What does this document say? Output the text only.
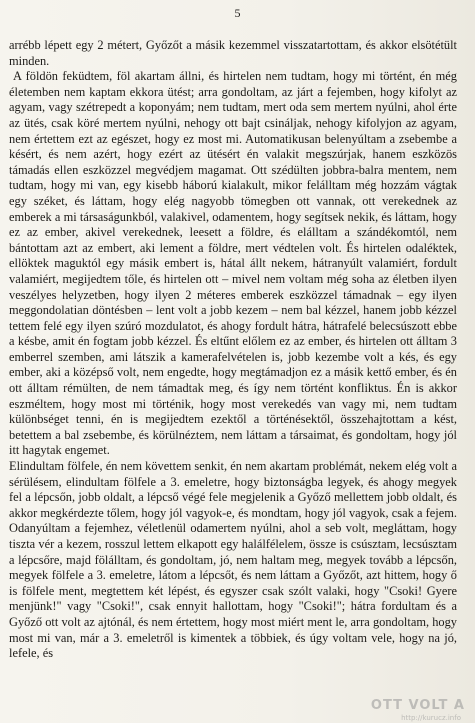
5

arrébb lépett egy 2 métert, Győzőt a másik kezemmel visszatartottam, és akkor elsötétült minden.

A földön feküdtem, föl akartam állni, és hirtelen nem tudtam, hogy mi történt, én még életemben nem kaptam ekkora ütést; arra gondoltam, az járt a fejemben, hogy kifolyt az agyam, vagy szétrepedt a koponyám; nem tudtam, mert oda sem mertem nyúlni, ahol érte az ütés, csak köré mertem nyúlni, nehogy ott bajt csináljak, nehogy kifolyjon az agyam, nem értettem ezt az egészet, hogy ez most mi. Automatikusan belenyúltam a zsebembe a késért, és nem azért, hogy ezért az ütésért én valakit megszúrjak, hanem eszközös támadás ellen eszközzel megvédjem magamat. Ott szédülten jobbra-balra mentem, nem tudtam, hogy mi van, egy kisebb háború kialakult, mikor felálltam még hozzám vágtak egy széket, és láttam, hogy elég nagyobb tömegben ott vannak, ott verekednek az emberek a mi társaságunkból, valakivel, odamentem, hogy segítsek nekik, és láttam, hogy ez az ember, akivel verekednek, leesett a földre, és elálltam a szándékomtól, nem bántottam azt az embert, aki lement a földre, mert védtelen volt. És hirtelen odaléktek, ellöktek maguktól egy másik embert is, hátal állt nekem, hátranyúlt valamiért, fordult valamiért, megijedtem tőle, és hirtelen ott – mivel nem voltam még soha az életben ilyen veszélyes helyzetben, hogy ilyen 2 méteres emberek eszközzel támadnak – egy ilyen meggondolatian döntésben – lent volt a jobb kezem – nem bal kézzel, hanem jobb kézzel tettem felé egy ilyen szúró mozdulatot, és ahogy fordult hátra, hátrafelé belecsúszott ebbe a késbe, amit én fogtam jobb kézzel. És eltűnt előlem ez az ember, és hirtelen ott álltam 3 emberrel szemben, ami látszik a kamerafelvételen is, jobb kezembe volt a kés, és egy ember, aki a középső volt, nem engedte, hogy megtámadjon ez a másik kettő ember, és én ott álltam rémülten, de nem támadtak meg, és így nem történt konfliktus. Én is akkor eszméltem, hogy most mi történik, hogy most verekedés van vagy mi, nem tudtam különbséget tenni, én is megijedtem ezektől a történésektől, összehajtottam a kést, betettem a bal zsebembe, és körülnéztem, nem láttam a társaimat, és gondoltam, hogy jól itt hagytak engemet.

Elindultam fölfele, én nem követtem senkit, én nem akartam problémát, nekem elég volt a sérülésem, elindultam fölfele a 3. emeletre, hogy biztonságba legyek, és ahogy megyek fel a lépcsőn, jobb oldalt, a lépcső végé fele megjelenik a Győző mellettem jobb oldalt, és akkor megkérdezte tőlem, hogy jól vagyok-e, és mondtam, hogy jól vagyok, csak a fejem. Odanyúltam a fejemhez, véletlenül odamertem nyúlni, ahol a seb volt, megláttam, hogy tiszta vér a kezem, rosszul lettem elkapott egy halálfélelem, össze is csúsztam, lecsúsztam a lépcsőre, majd fölálltam, és gondoltam, jó, nem haltam meg, megyek tovább a lépcsőn, megyek fölfele a 3. emeletre, látom a lépcsőt, és nem láttam a Győzőt, azt hittem, hogy ő is fölfele ment, megtettem két lépést, és egyszer csak szólt valaki, hogy "Csoki! Gyere menjünk!" vagy "Csoki!", csak ennyit hallottam, hogy "Csoki!"; hátra fordultam és a Győző ott volt az ajtónál, és nem értettem, hogy most miért ment le, arra gondoltam, hogy most mi van, már a 3. emeletről is kimentek a többiek, és úgy voltam vele, hogy na jó, lefele, és

OTT VOLT A
http://kurucz.info
